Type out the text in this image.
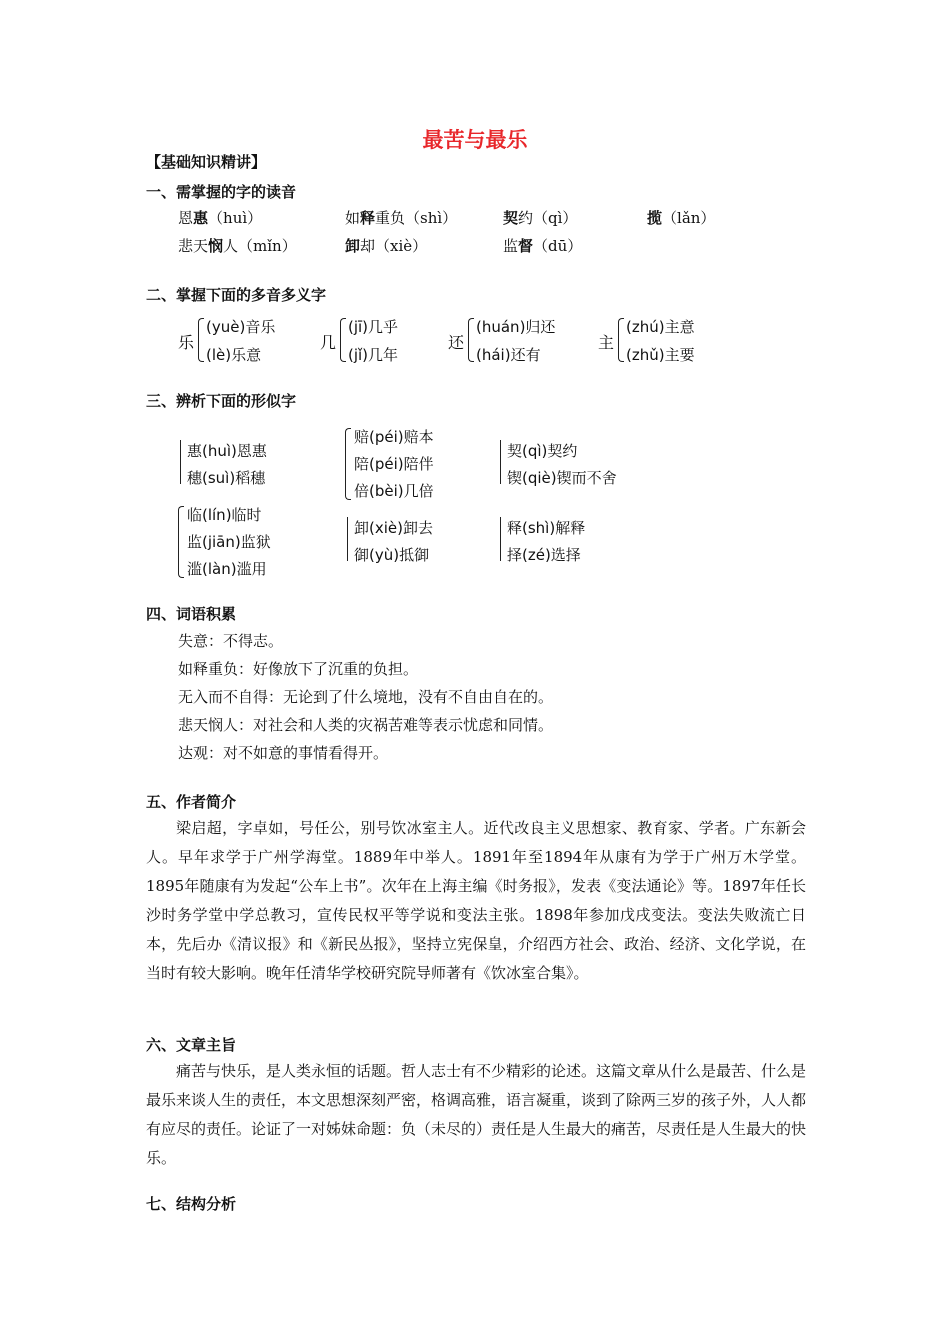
最苦与最乐
【基础知识精讲】
一、需掌握的字的读音
恩惠（huì）	如释重负（shì）	契约（qì）	揽（lǎn）
悲天悯人（mǐn）	卸却（xiè）	监督（dū）
二、掌握下面的多音多义字
乐
(yuè)音乐
(lè)乐意
几
(jī)几乎
(jǐ)几年
还
(huán)归还
(hái)还有
主
(zhú)主意
(zhǔ)主要
三、辨析下面的形似字
惠(huì)恩惠
穗(suì)稻穗
赔(péi)赔本
陪(péi)陪伴
倍(bèi)几倍
契(qì)契约
锲(qiè)锲而不舍
临(lín)临时
监(jiān)监狱
滥(làn)滥用
卸(xiè)卸去
御(yù)抵御
释(shì)解释
择(zé)选择
四、词语积累
失意：不得志。
如释重负：好像放下了沉重的负担。
无入而不自得：无论到了什么境地，没有不自由自在的。
悲天悯人：对社会和人类的灾祸苦难等表示忧虑和同情。
达观：对不如意的事情看得开。
五、作者简介
梁启超，字卓如，号任公，别号饮冰室主人。近代改良主义思想家、教育家、学者。广东新会人。早年求学于广州学海堂。1889年中举人。1891年至1894年从康有为学于广州万木学堂。1895年随康有为发起“公车上书”。次年在上海主编《时务报》，发表《变法通论》等。1897年任长沙时务学堂中学总教习，宣传民权平等学说和变法主张。1898年参加戊戌变法。变法失败流亡日本，先后办《清议报》和《新民丛报》，坚持立宪保皇，介绍西方社会、政治、经济、文化学说，在当时有较大影响。晚年任清华学校研究院导师著有《饮冰室合集》。
六、文章主旨
痛苦与快乐，是人类永恒的话题。哲人志士有不少精彩的论述。这篇文章从什么是最苦、什么是最乐来谈人生的责任，本文思想深刻严密，格调高雅，语言凝重，谈到了除两三岁的孩子外，人人都有应尽的责任。论证了一对姊妹命题：负（未尽的）责任是人生最大的痛苦，尽责任是人生最大的快乐。
七、结构分析
